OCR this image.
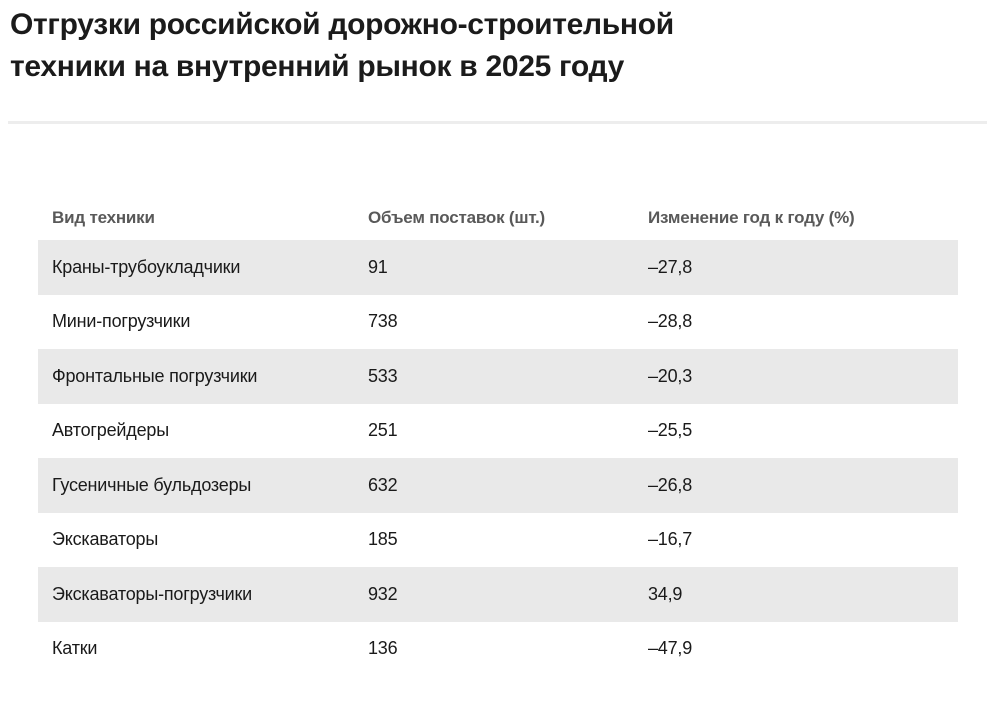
Отгрузки российской дорожно-строительной
техники на внутренний рынок в 2025 году
Вид техники	Объем поставок (шт.)	Изменение год к году (%)
Краны-трубоукладчики	91	–27,8
Мини-погрузчики	738	–28,8
Фронтальные погрузчики	533	–20,3
Автогрейдеры	251	–25,5
Гусеничные бульдозеры	632	–26,8
Экскаваторы	185	–16,7
Экскаваторы-погрузчики	932	34,9
Катки	136	–47,9
